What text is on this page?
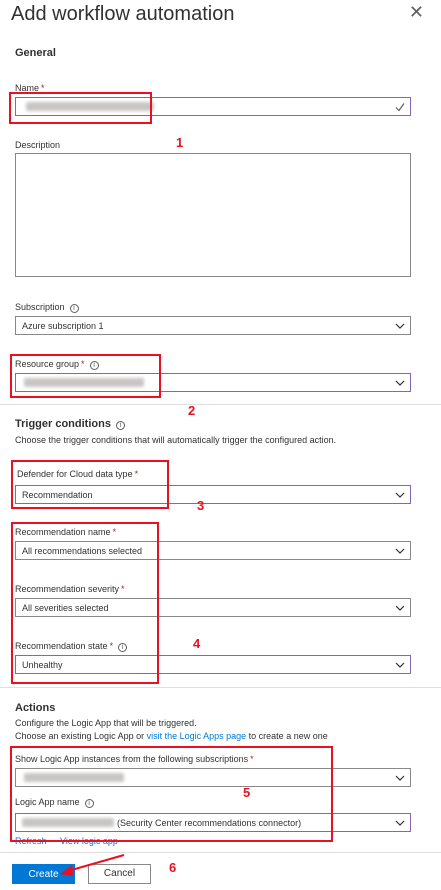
Add workflow automation	✕
General
Name *
Description
Subscription i
Azure subscription 1
Resource group * i
Trigger conditions i
Choose the trigger conditions that will automatically trigger the configured action.
Defender for Cloud data type *
Recommendation
Recommendation name *
All recommendations selected
Recommendation severity *
All severities selected
Recommendation state * i
Unhealthy
Actions
Configure the Logic App that will be triggered.
Choose an existing Logic App or visit the Logic Apps page to create a new one
Show Logic App instances from the following subscriptions *
Logic App name i
(Security Center recommendations connector)
Refresh View logic app
Create	Cancel
1
2
3
4
5
6
